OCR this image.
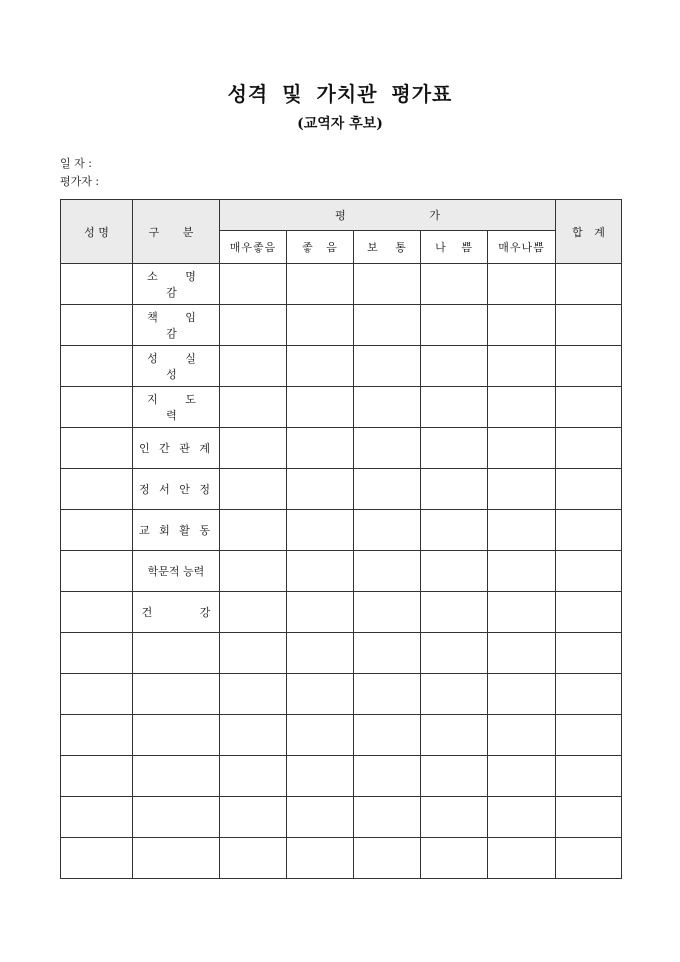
성격 및 가치관 평가표
(교역자 후보)
일 자 :
평가자 :
성 명	구 분	평 가					합 계
		매우좋음	좋 음	보 통	나 쁨	매우나쁨	
	소 명 감						
	책 임 감						
	성 실 성						
	지 도 력						
	인 간 관 계						
	정 서 안 정						
	교 회 활 동						
	학문적 능력						
	건 강						
